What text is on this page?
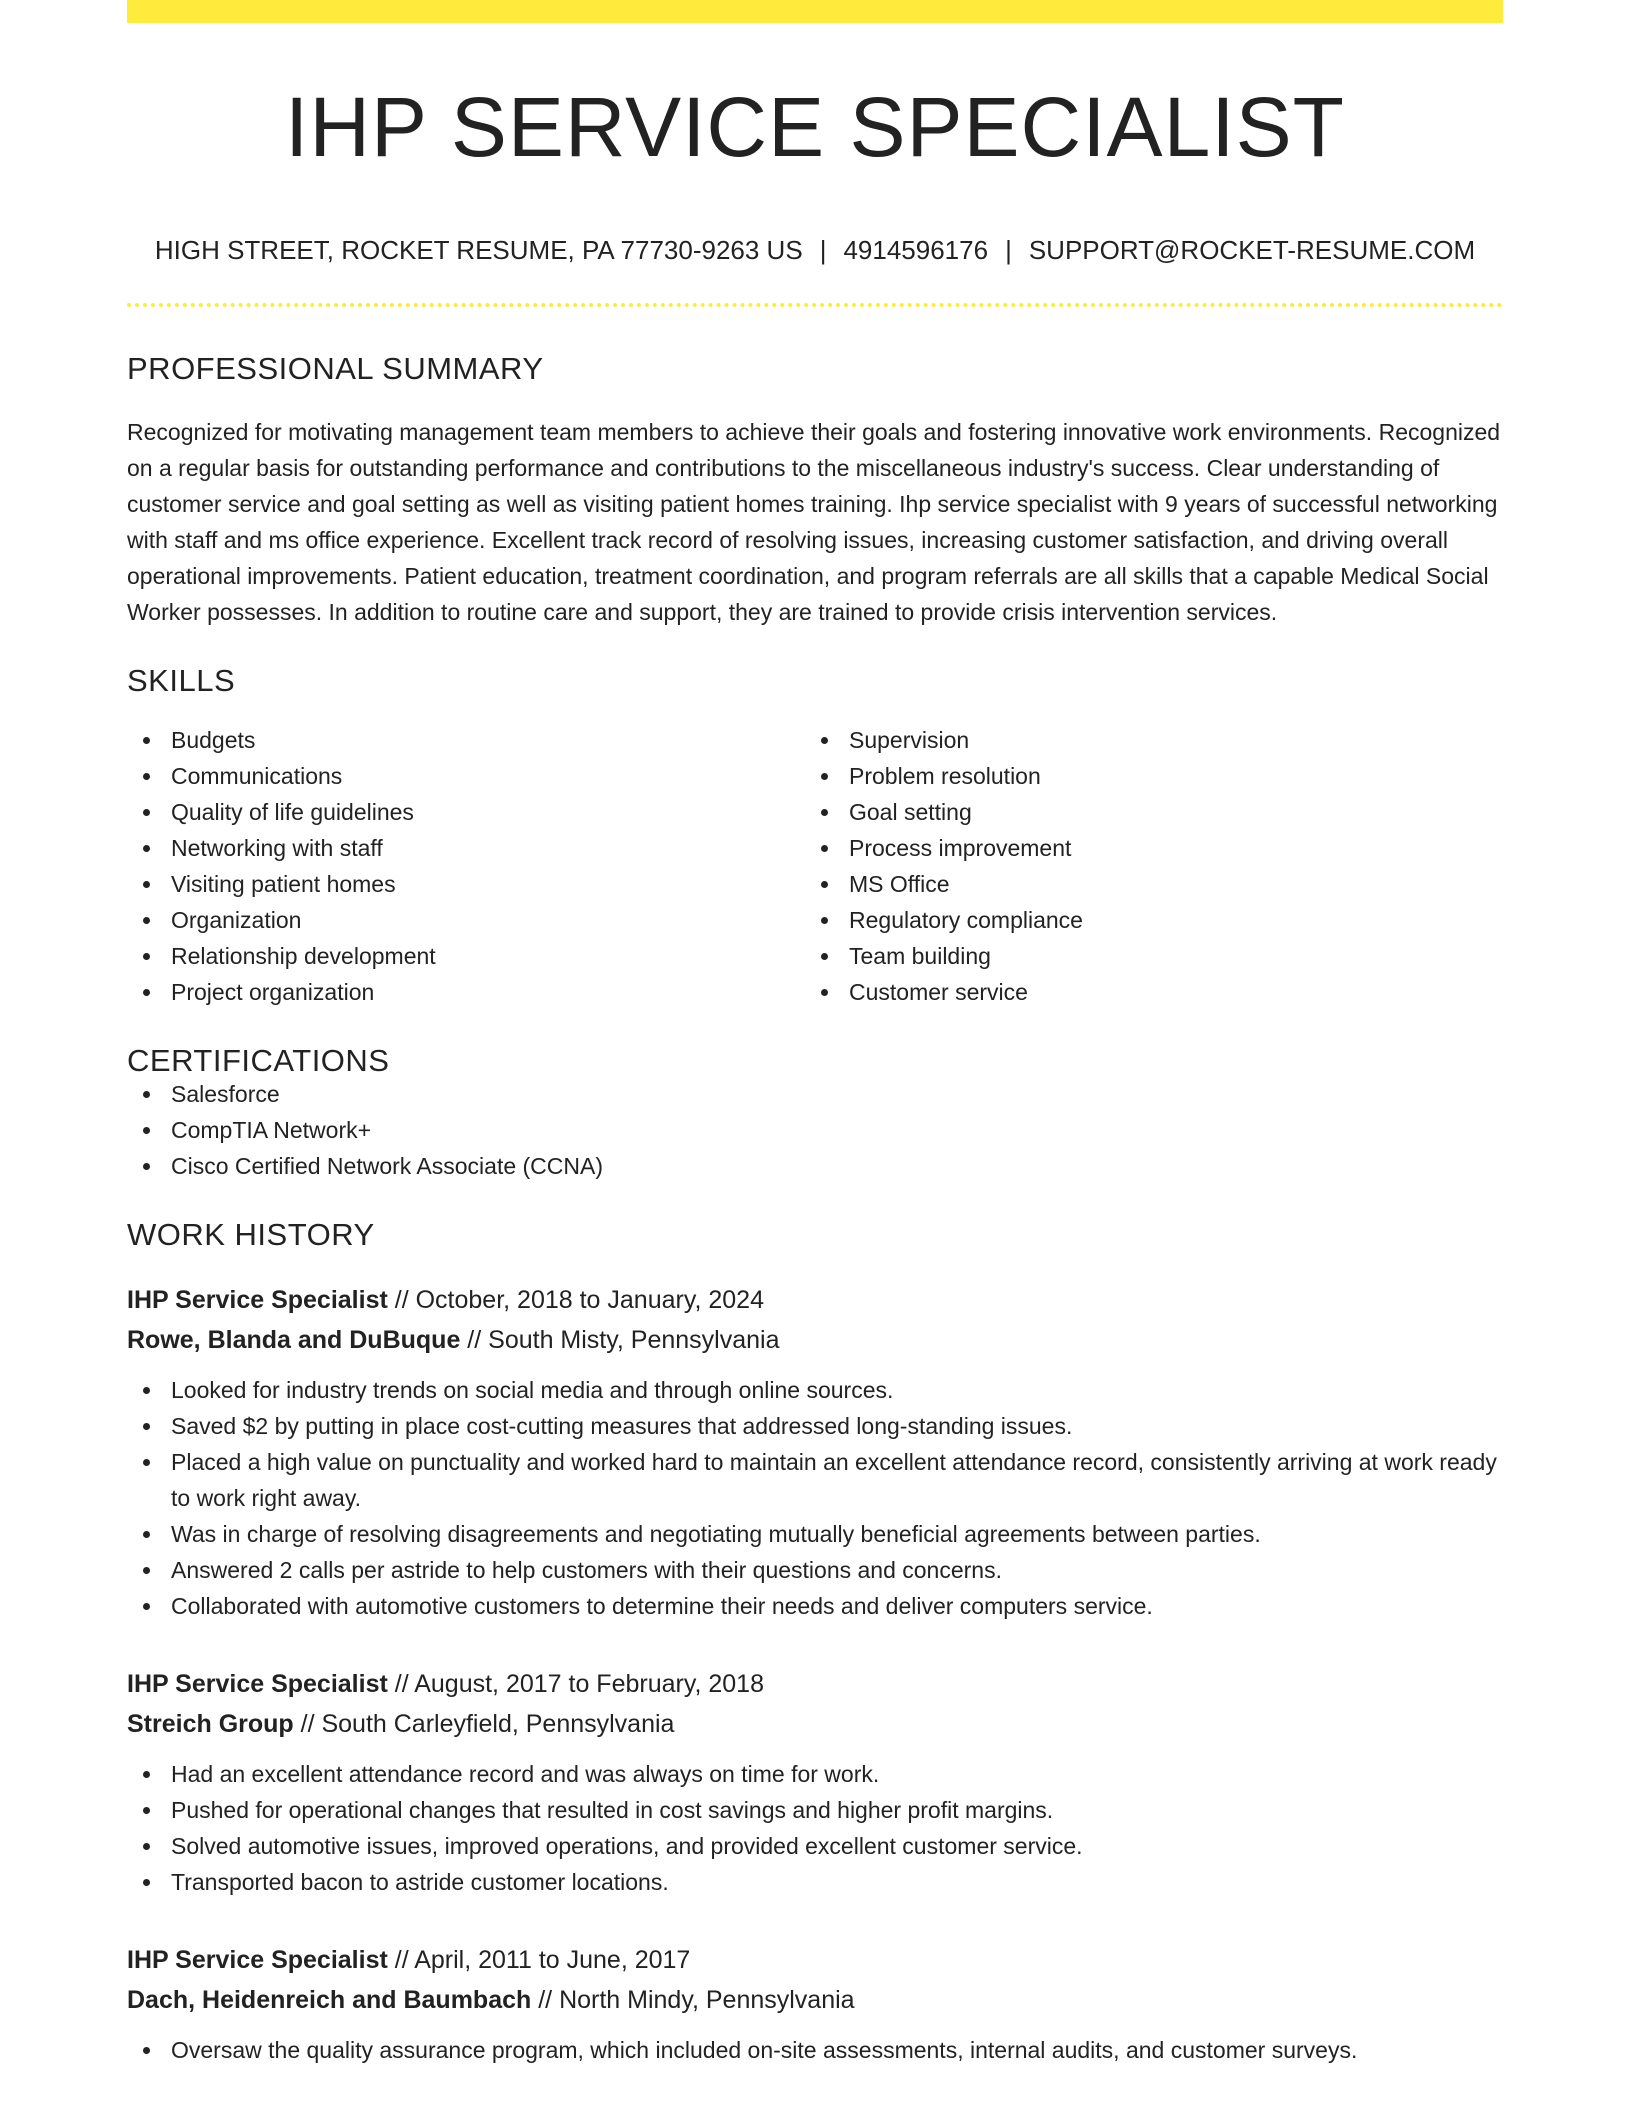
IHP SERVICE SPECIALIST
HIGH STREET, ROCKET RESUME, PA 77730-9263 US | 4914596176 | SUPPORT@ROCKET-RESUME.COM
PROFESSIONAL SUMMARY

Recognized for motivating management team members to achieve their goals and fostering innovative work environments. Recognized on a regular basis for outstanding performance and contributions to the miscellaneous industry's success. Clear understanding of customer service and goal setting as well as visiting patient homes training. Ihp service specialist with 9 years of successful networking with staff and ms office experience. Excellent track record of resolving issues, increasing customer satisfaction, and driving overall operational improvements. Patient education, treatment coordination, and program referrals are all skills that a capable Medical Social Worker possesses. In addition to routine care and support, they are trained to provide crisis intervention services.

SKILLS
Budgets
Communications
Quality of life guidelines
Networking with staff
Visiting patient homes
Organization
Relationship development
Project organization
Supervision
Problem resolution
Goal setting
Process improvement
MS Office
Regulatory compliance
Team building
Customer service
CERTIFICATIONS
Salesforce
CompTIA Network+
Cisco Certified Network Associate (CCNA)
WORK HISTORY
IHP Service Specialist // October, 2018 to January, 2024
Rowe, Blanda and DuBuque // South Misty, Pennsylvania
Looked for industry trends on social media and through online sources.
Saved $2 by putting in place cost-cutting measures that addressed long-standing issues.
Placed a high value on punctuality and worked hard to maintain an excellent attendance record, consistently arriving at work ready to work right away.
Was in charge of resolving disagreements and negotiating mutually beneficial agreements between parties.
Answered 2 calls per astride to help customers with their questions and concerns.
Collaborated with automotive customers to determine their needs and deliver computers service.
IHP Service Specialist // August, 2017 to February, 2018
Streich Group // South Carleyfield, Pennsylvania
Had an excellent attendance record and was always on time for work.
Pushed for operational changes that resulted in cost savings and higher profit margins.
Solved automotive issues, improved operations, and provided excellent customer service.
Transported bacon to astride customer locations.
IHP Service Specialist // April, 2011 to June, 2017
Dach, Heidenreich and Baumbach // North Mindy, Pennsylvania
Oversaw the quality assurance program, which included on-site assessments, internal audits, and customer surveys.
